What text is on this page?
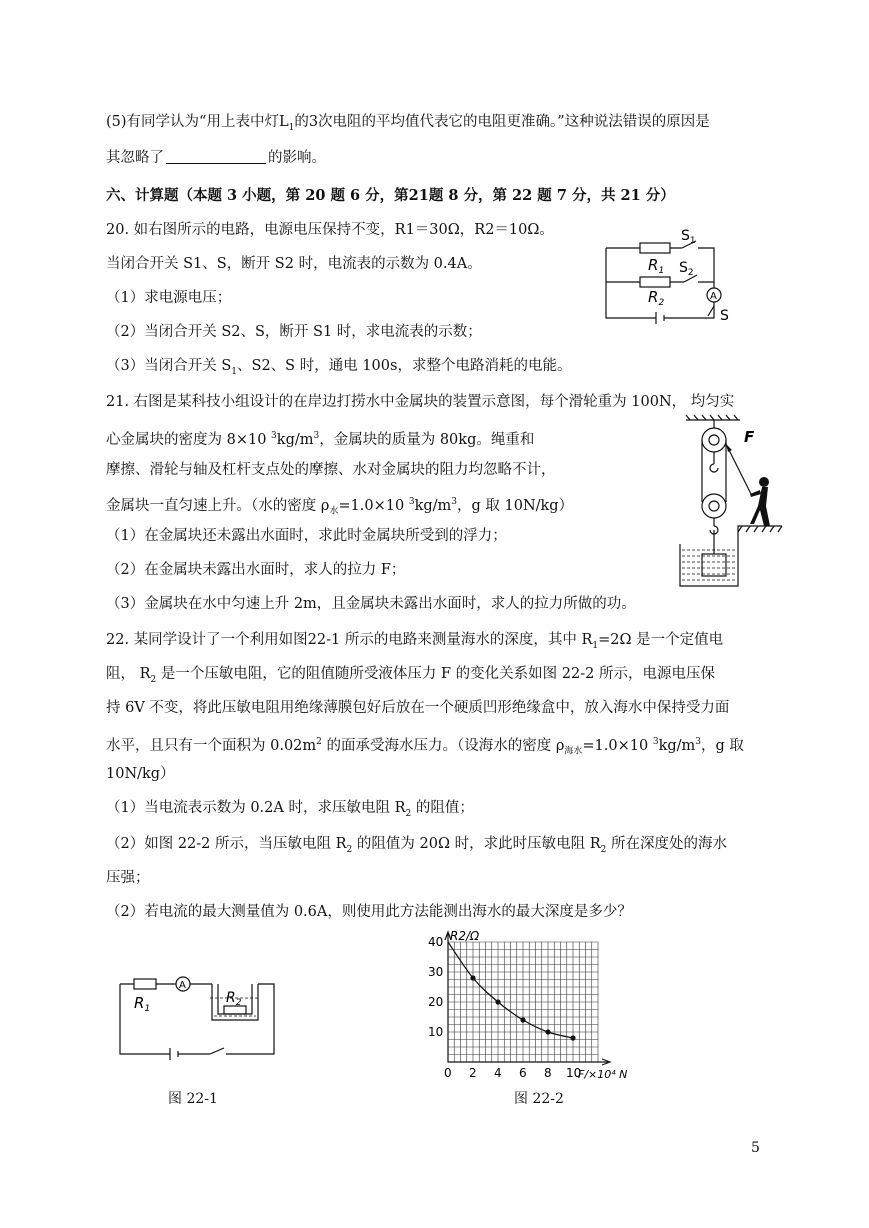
(5)有同学认为“用上表中灯$L_1$的3次电阻的平均值代表它的电阻更准确。”这种说法错误的原因是
其忽略了	的影响。
六、计算题（本题 3 小题，第 20 题 6 分，第21题 8 分，第 22 题 7 分，共 21 分）
20. 如右图所示的电路，电源电压保持不变，R1＝30Ω，R2＝10Ω。
当闭合开关 S1、S，断开 S2 时，电流表的示数为 0.4A。
（1）求电源电压；
（2）当闭合开关 S2、S，断开 S1 时，求电流表的示数；
（3）当闭合开关 $S_1$、S2、S 时，通电 100s，求整个电路消耗的电能。
$R_1$
$R_2$
$S_1$
$S_2$
A
S
21. 右图是某科技小组设计的在岸边打捞水中金属块的装置示意图，每个滑轮重为 100N， 均匀实
心金属块的密度为 8×10 $^3kg/m^3$，金属块的质量为 80kg。绳重和
摩擦、滑轮与轴及杠杆支点处的摩擦、水对金属块的阻力均忽略不计，
金属块一直匀速上升。（水的密度 $\rho_水=1.0\times 10$ $^3kg/m^3$，g 取 10N/kg）
（1）在金属块还未露出水面时，求此时金属块所受到的浮力；
（2）在金属块未露出水面时，求人的拉力 F；
（3）金属块在水中匀速上升 2m，且金属块未露出水面时，求人的拉力所做的功。
F
22. 某同学设计了一个利用如图22-1 所示的电路来测量海水的深度，其中 $R_1=2\Omega$ 是一个定值电
阻， $R_2$ 是一个压敏电阻，它的阻值随所受液体压力 F 的变化关系如图 22-2 所示，电源电压保
持 6V 不变，将此压敏电阻用绝缘薄膜包好后放在一个硬质凹形绝缘盒中，放入海水中保持受力面
水平，且只有一个面积为 $0.02m^2$ 的面承受海水压力。（设海水的密度 $\rho_{海水}=1.0\times 10$ $^3kg/m^3$，g 取
10N/kg）
（1）当电流表示数为 0.2A 时，求压敏电阻 $R_2$ 的阻值；
（2）如图 22-2 所示，当压敏电阻 $R_2$ 的阻值为 20Ω 时，求此时压敏电阻 $R_2$ 所在深度处的海水
压强；
（2）若电流的最大测量值为 0.6A，则使用此方法能测出海水的最大深度是多少？
$R_1$
$R_2$
A
图 22-1
10
20
30
40
0 2 4 6 8 10
R2/Ω
F/×10⁴ N
图 22-2
5
